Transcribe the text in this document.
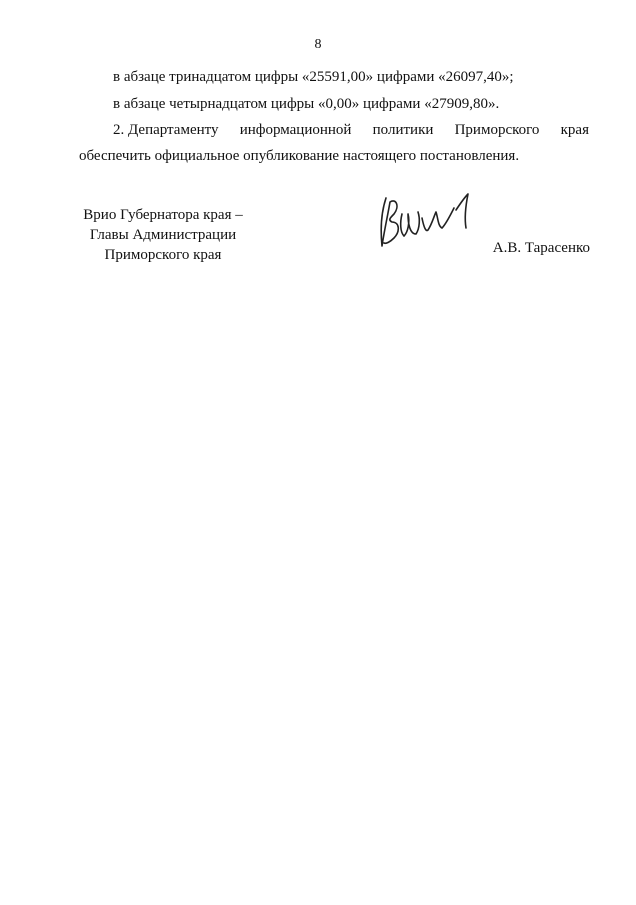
8
в абзаце тринадцатом цифры «25591,00» цифрами «26097,40»;
в абзаце четырнадцатом цифры «0,00» цифрами «27909,80».
2. Департаменту информационной политики Приморского края
обеспечить официальное опубликование настоящего постановления.
Врио Губернатора края –
Главы Администрации
Приморского края	А.В. Тарасенко
